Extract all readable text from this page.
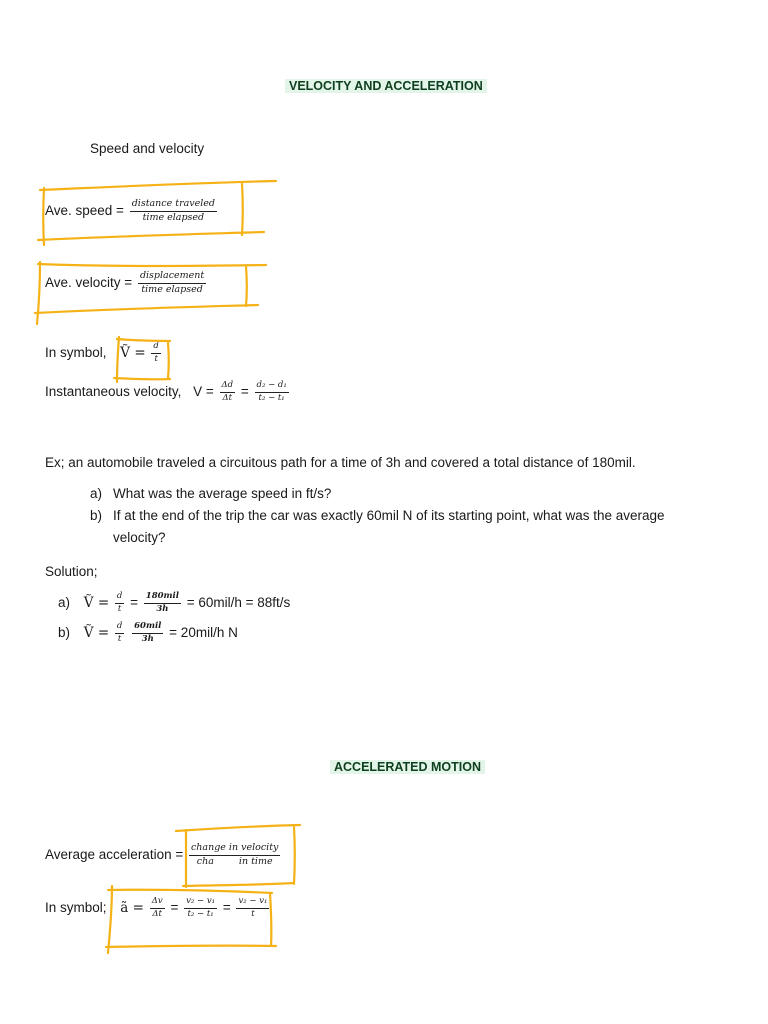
VELOCITY AND ACCELERATION
Speed and velocity
Ave. speed = $\frac{\text{distance traveled}}{\text{time elapsed}}$
Ave. velocity = $\frac{\text{displacement}}{\text{time elapsed}}$
In symbol, Ṽ = $\frac{d}{t}$
Instantaneous velocity, $V = \frac{\Delta d}{\Delta t} = \frac{\text{d₂ − d₁}}{\text{t₂ − t₁}}$
Ex; an automobile traveled a circuitous path for a time of 3h and covered a total distance of 180mil.
a) What was the average speed in ft/s?
b) If at the end of the trip the car was exactly 60mil N of its starting point, what was the average
velocity?
Solution;
a) Ṽ = $\frac{d}{t} = \frac{\text{180mil}}{3h} = 60mil/h = 88ft/s$
b) Ṽ = $\frac{d}{t}$
$\frac{\text{60mil}}{3h} = 20mil/h$ N
ACCELERATED MOTION
Average acceleration = change in velocity
cha	in time
In symbol; ã = $\frac{\Delta v}{\Delta t} = \frac{\text{v₂ − v₁}}{\text{t₂ − t₁}} = \frac{\text{v₂ − v₁}}{t}$
